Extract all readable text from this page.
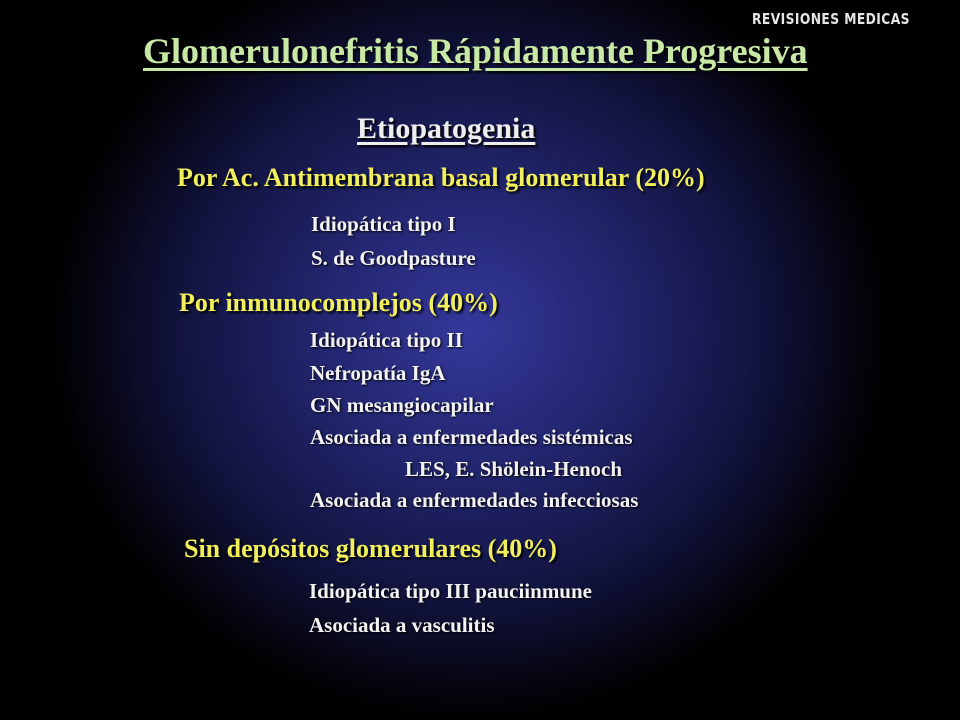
REVISIONES MEDICAS
Glomerulonefritis Rápidamente Progresiva
Etiopatogenia
Por Ac. Antimembrana basal glomerular (20%)
Idiopática tipo I
S. de Goodpasture
Por inmunocomplejos (40%)
Idiopática tipo II
Nefropatía IgA
GN mesangiocapilar
Asociada a enfermedades sistémicas
LES, E. Shölein-Henoch
Asociada a enfermedades infecciosas
Sin depósitos glomerulares (40%)
Idiopática tipo III pauciinmune
Asociada a vasculitis
